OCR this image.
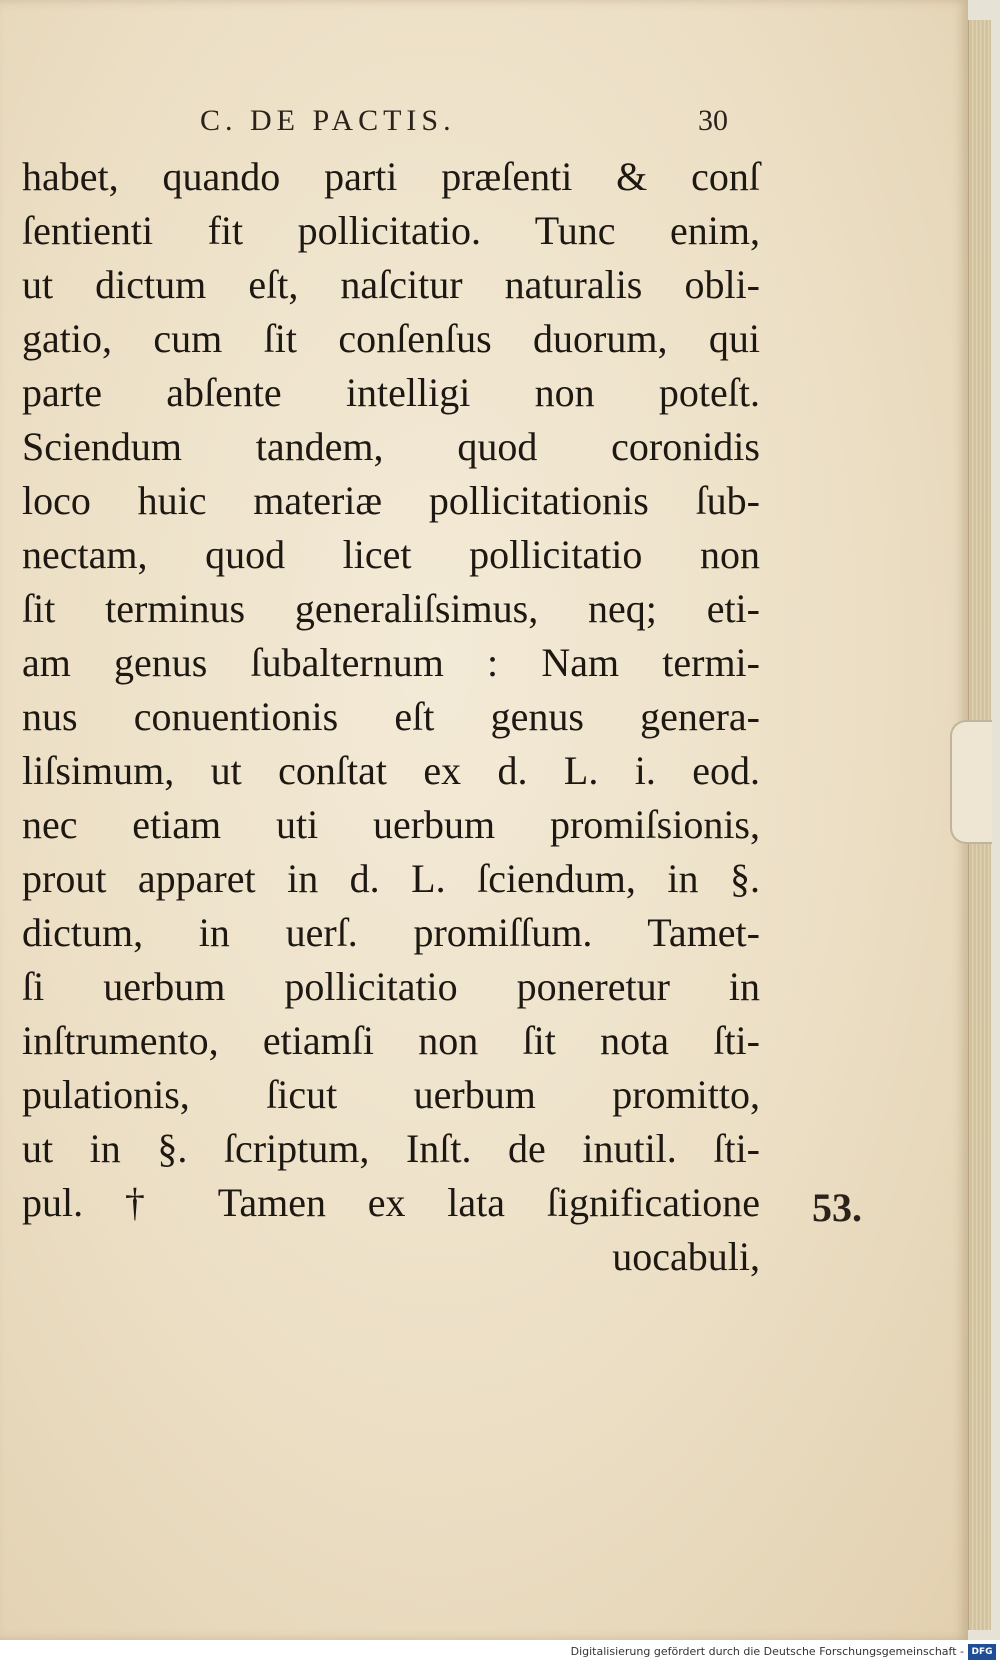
C. DE PACTIS.	30
habet, quando parti præſenti & conſ
ſentienti fit pollicitatio. Tunc enim,
ut dictum eſt, naſcitur naturalis obli-
gatio, cum ſit conſenſus duorum, qui
parte abſente intelligi non poteſt.
Sciendum tandem, quod coronidis
loco huic materiæ pollicitationis ſub-
nectam, quod licet pollicitatio non
ſit terminus generaliſsimus, neq; eti-
am genus ſubalternum : Nam termi-
nus conuentionis eſt genus genera-
liſsimum, ut conſtat ex d. L. i. eod.
nec etiam uti uerbum promiſsionis,
prout apparet in d. L. ſciendum, in §.
dictum, in uerſ. promiſſum. Tamet-
ſi uerbum pollicitatio poneretur in
inſtrumento, etiamſi non ſit nota ſti-
pulationis, ſicut uerbum promitto,
ut in §. ſcriptum, Inſt. de inutil. ſti-
pul. † Tamen ex lata ſignificatione
uocabuli,
53.
Digitalisierung gefördert durch die Deutsche Forschungsgemeinschaft - DFG
